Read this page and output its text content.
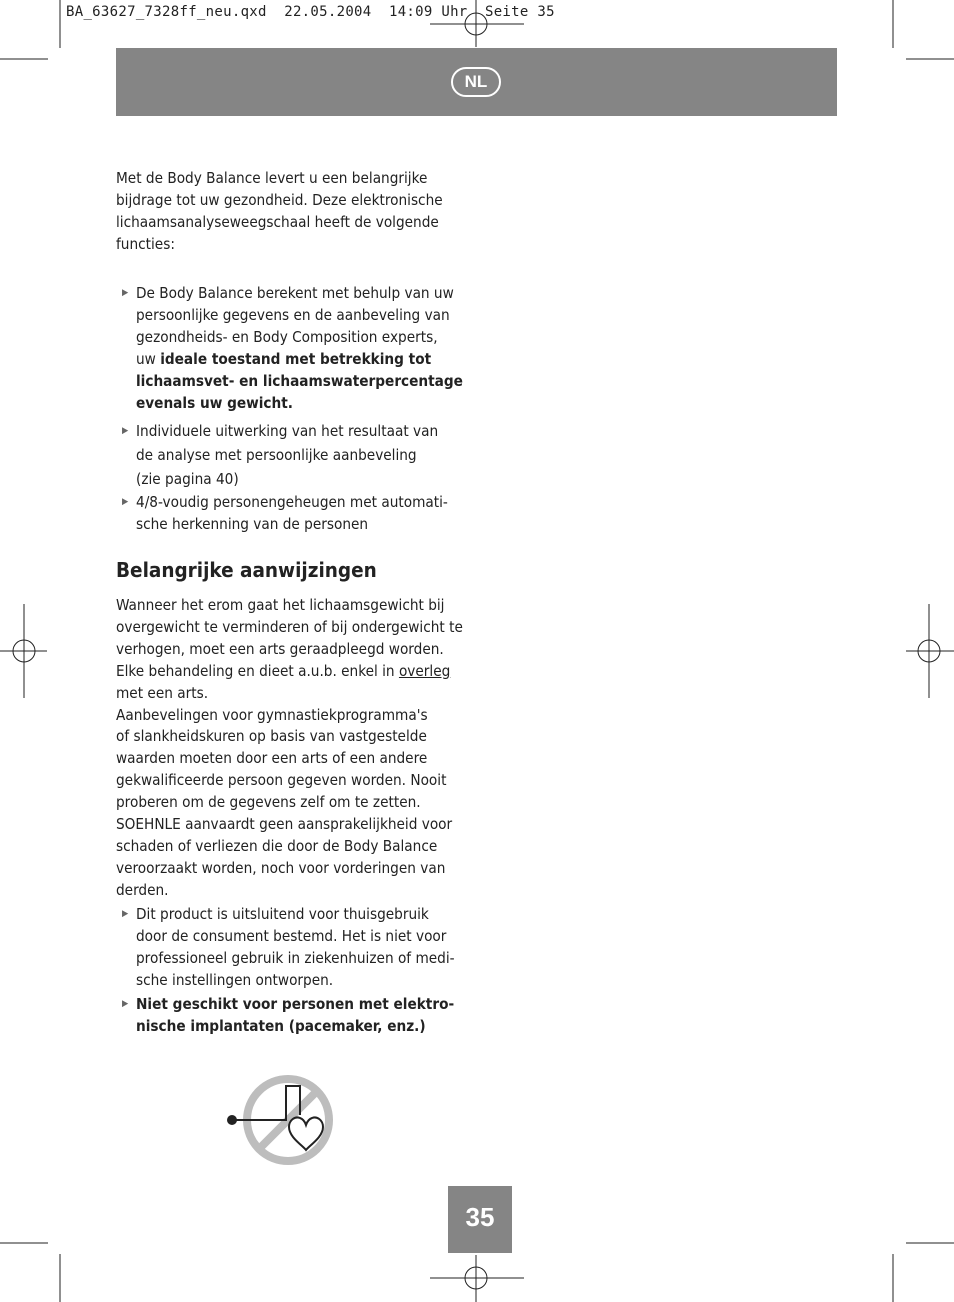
BA_63627_7328ff_neu.qxd  22.05.2004  14:09 Uhr  Seite 35
NL
Met de Body Balance levert u een belangrijke
bijdrage tot uw gezondheid. Deze elektronische
lichaamsanalyseweegschaal heeft de volgende
functies:
▶ De Body Balance berekent met behulp van uw
persoonlijke gegevens en de aanbeveling van
gezondheids- en Body Composition experts,
uw ideale toestand met betrekking tot
lichaamsvet- en lichaamswaterpercentage
evenals uw gewicht.
▶ Individuele uitwerking van het resultaat van
de analyse met persoonlijke aanbeveling
(zie pagina 40)
▶ 4/8-voudig personengeheugen met automati-
sche herkenning van de personen
Belangrijke aanwijzingen
Wanneer het erom gaat het lichaamsgewicht bij
overgewicht te verminderen of bij ondergewicht te
verhogen, moet een arts geraadpleegd worden.
Elke behandeling en dieet a.u.b. enkel in overleg
met een arts.
Aanbevelingen voor gymnastiekprogramma's
of slankheidskuren op basis van vastgestelde
waarden moeten door een arts of een andere
gekwalificeerde persoon gegeven worden. Nooit
proberen om de gegevens zelf om te zetten.
SOEHNLE aanvaardt geen aansprakelijkheid voor
schaden of verliezen die door de Body Balance
veroorzaakt worden, noch voor vorderingen van
derden.
▶ Dit product is uitsluitend voor thuisgebruik
door de consument bestemd. Het is niet voor
professioneel gebruik in ziekenhuizen of medi-
sche instellingen ontworpen.
▶ Niet geschikt voor personen met elektro-
nische implantaten (pacemaker, enz.)
35
